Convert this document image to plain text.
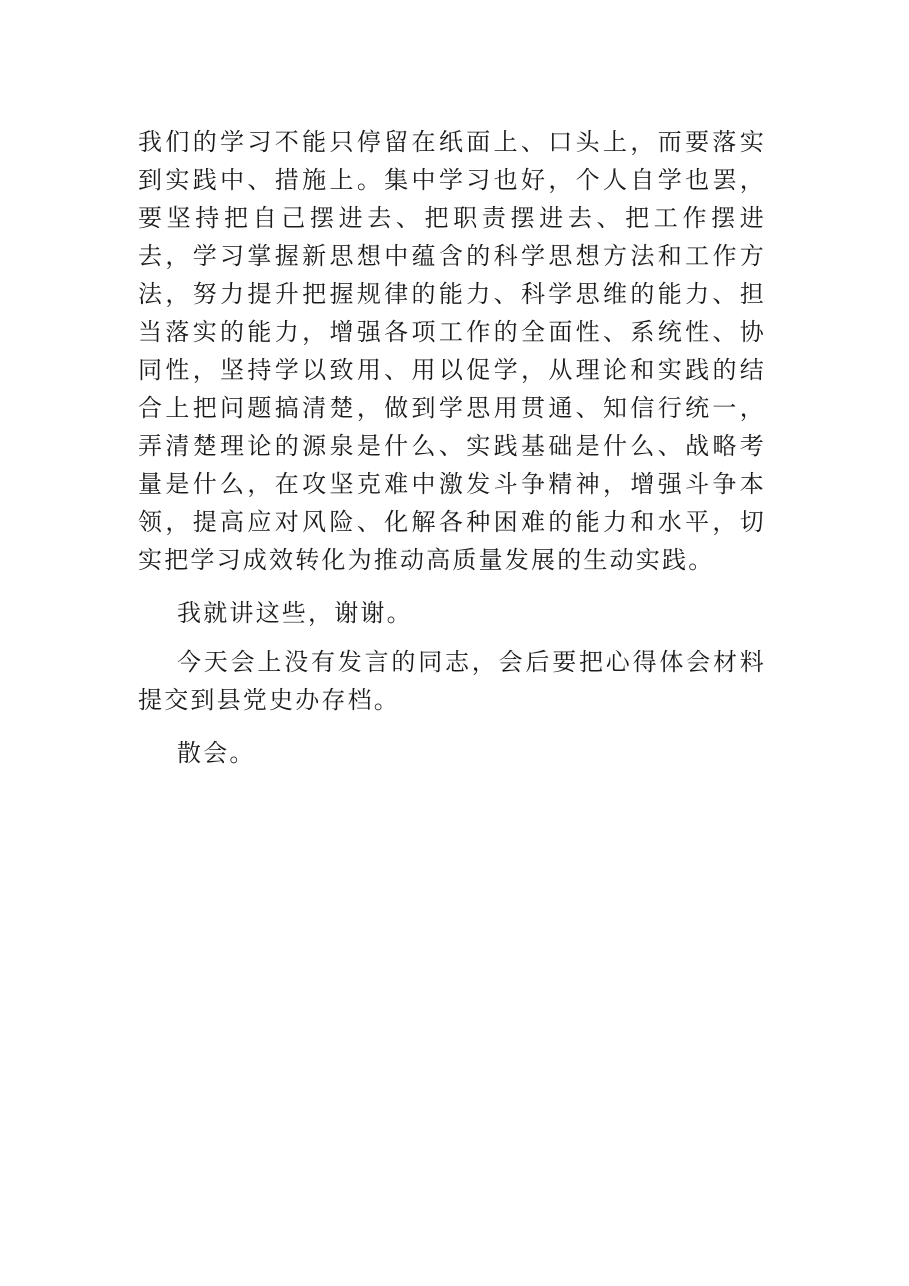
我们的学习不能只停留在纸面上、口头上，而要落实到实践中、措施上。集中学习也好，个人自学也罢，要坚持把自己摆进去、把职责摆进去、把工作摆进去，学习掌握新思想中蕴含的科学思想方法和工作方法，努力提升把握规律的能力、科学思维的能力、担当落实的能力，增强各项工作的全面性、系统性、协同性，坚持学以致用、用以促学，从理论和实践的结合上把问题搞清楚，做到学思用贯通、知信行统一，弄清楚理论的源泉是什么、实践基础是什么、战略考量是什么，在攻坚克难中激发斗争精神，增强斗争本领，提高应对风险、化解各种困难的能力和水平，切实把学习成效转化为推动高质量发展的生动实践。

我就讲这些，谢谢。

今天会上没有发言的同志，会后要把心得体会材料提交到县党史办存档。

散会。
